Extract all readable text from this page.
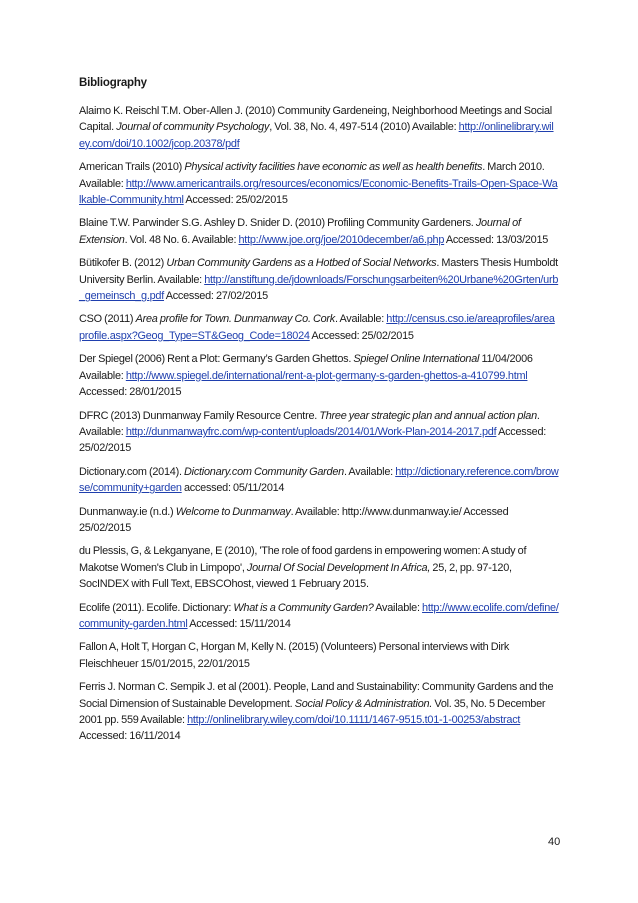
Bibliography

Alaimo K. Reischl T.M. Ober-Allen J. (2010) Community Gardeneing, Neighborhood Meetings and Social Capital. Journal of community Psychology, Vol. 38, No. 4, 497-514 (2010) Available: http://onlinelibrary.wiley.com/doi/10.1002/jcop.20378/pdf

American Trails (2010) Physical activity facilities have economic as well as health benefits. March 2010. Available: http://www.americantrails.org/resources/economics/Economic-Benefits-Trails-Open-Space-Walkable-Community.html Accessed: 25/02/2015

Blaine T.W. Parwinder S.G. Ashley D. Snider D. (2010) Profiling Community Gardeners. Journal of Extension. Vol. 48 No. 6. Available: http://www.joe.org/joe/2010december/a6.php Accessed: 13/03/2015

Bütikofer B. (2012) Urban Community Gardens as a Hotbed of Social Networks. Masters Thesis Humboldt University Berlin. Available: http://anstiftung.de/jdownloads/Forschungsarbeiten%20Urbane%20Grten/urb_gemeinsch_g.pdf Accessed: 27/02/2015

CSO (2011) Area profile for Town. Dunmanway Co. Cork. Available: http://census.cso.ie/areaprofiles/areaprofile.aspx?Geog_Type=ST&Geog_Code=18024 Accessed: 25/02/2015

Der Spiegel (2006) Rent a Plot: Germany’s Garden Ghettos. Spiegel Online International 11/04/2006 Available: http://www.spiegel.de/international/rent-a-plot-germany-s-garden-ghettos-a-410799.html Accessed: 28/01/2015

DFRC (2013) Dunmanway Family Resource Centre. Three year strategic plan and annual action plan. Available: http://dunmanwayfrc.com/wp-content/uploads/2014/01/Work-Plan-2014-2017.pdf Accessed: 25/02/2015

Dictionary.com (2014). Dictionary.com Community Garden. Available: http://dictionary.reference.com/browse/community+garden accessed: 05/11/2014

Dunmanway.ie (n.d.) Welcome to Dunmanway. Available: http://www.dunmanway.ie/ Accessed 25/02/2015

du Plessis, G, & Lekganyane, E (2010), 'The role of food gardens in empowering women: A study of Makotse Women's Club in Limpopo', Journal Of Social Development In Africa, 25, 2, pp. 97-120, SocINDEX with Full Text, EBSCOhost, viewed 1 February 2015.

Ecolife (2011). Ecolife. Dictionary: What is a Community Garden? Available: http://www.ecolife.com/define/community-garden.html Accessed: 15/11/2014

Fallon A, Holt T, Horgan C, Horgan M, Kelly N. (2015) (Volunteers) Personal interviews with Dirk Fleischheuer 15/01/2015, 22/01/2015

Ferris J. Norman C. Sempik J. et al (2001). People, Land and Sustainability: Community Gardens and the Social Dimension of Sustainable Development. Social Policy & Administration. Vol. 35, No. 5 December 2001 pp. 559 Available: http://onlinelibrary.wiley.com/doi/10.1111/1467-9515.t01-1-00253/abstract Accessed: 16/11/2014

40
